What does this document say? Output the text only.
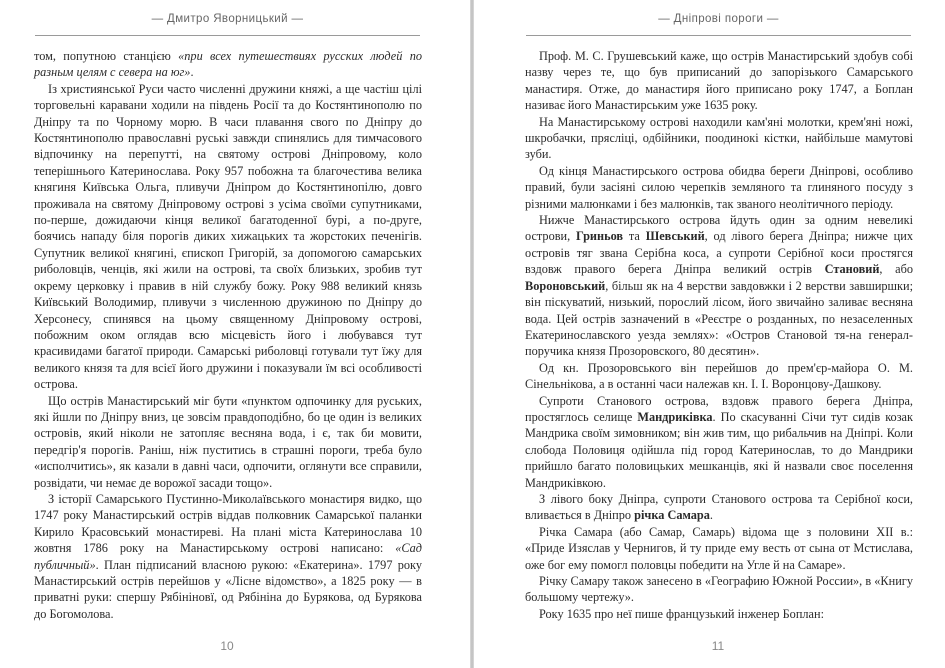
— Дмитро Яворницький —

том, попутною станцією «при всех путешествиях русских людей по разным целям с севера на юг».

Із християнської Руси часто численні дружини княжі, а ще частіш цілі торговельні каравани ходили на південь Росії та до Костянтинополю по Дніпру та по Чорному морю. В часи плавання свого по Дніпру до Костянтинополю православні руські завжди спинялись для тимчасового відпочинку на перепутті, на святому острові Дніпровому, коло теперішнього Катеринослава. Року 957 побожна та благочестива велика княгиня Київська Ольга, пливучи Дніпром до Костянтинопілю, довго проживала на святому Дніпровому острові з усіма своїми супутниками, по-перше, дожидаючи кінця великої багатоденної бурі, а по-друге, боячись нападу біля порогів диких хижацьких та жорстоких печенігів. Супутник великої княгині, єпископ Григорій, за допомогою самарських риболовців, ченців, які жили на острові, та своїх близьких, зробив тут окрему церковку і правив в ній службу божу. Року 988 великий князь Київський Володимир, пливучи з численною дружиною по Дніпру до Херсонесу, спинявся на цьому священному Дніпровому острові, побожним оком оглядав всю місцевість його і любувався тут красивидами багатої природи. Самарські риболовці готували тут їжу для великого князя та для всієї його дружини і показували їм всі особливості острова.

Що острів Манастирський міг бути «пунктом одпочинку для руських, які йшли по Дніпру вниз, це зовсім правдоподібно, бо це один із великих островів, який ніколи не затопляє весняна вода, і є, так би мовити, передгір'я порогів. Раніш, ніж пуститись в страшні пороги, треба було «исполчитись», як казали в давні часи, одпочити, оглянути все справили, розвідати, чи немає де ворожої засади тощо».

З історії Самарського Пустинно-Миколаївського монастиря видко, що 1747 року Манастирський острів віддав полковник Самарської паланки Кирило Красовський монастиреві. На плані міста Катеринослава 10 жовтня 1786 року на Манастирському острові написано: «Сад публичный». План підписаний власною рукою: «Екатерина». 1797 року Манастирський острів перейшов у «Лісне відомство», а 1825 року — в приватні руки: спершу Рябініновї, од Рябініна до Бурякова, од Бурякова до Богомолова.

10
— Дніпрові пороги —

Проф. М. С. Грушевський каже, що острів Манастирський здобув собі назву через те, що був приписаний до запорізького Самарського манастиря. Отже, до манастиря його приписано року 1747, а Боплан називає його Манастирським уже 1635 року.

На Манастирському острові находили кам'яні молотки, крем'яні ножі, шкробачки, прясліці, одбійники, поодинокі кістки, найбільше мамутові зуби.

Од кінця Манастирського острова обидва береги Дніпрові, особливо правий, були засіяні силою черепків земляного та глиняного посуду з різними малюнками і без малюнків, так званого неолітичного періоду.

Нижче Манастирського острова йдуть один за одним невеликі острови, Гриньов та Шевський, од лівого берега Дніпра; нижче цих островів тяг звана Серібна коса, а супроти Серібної коси простягся вздовж правого берега Дніпра великий острів Становий, або Вороновський, більш як на 4 верстви завдовжки і 2 верстви завширшки; він піскуватий, низький, порослий лісом, його звичайно заливає весняна вода. Цей острів зазначений в «Реєстре о розданных, по незаселенных Екатеринославского уезда землях»: «Остров Становой тя-на генерал-поручика князя Прозоровского, 80 десятин».

Од кн. Прозоровського він перейшов до прем'єр-майора О. М. Сінельнікова, а в останні часи належав кн. І. І. Воронцову-Дашкову.

Супроти Станового острова, вздовж правого берега Дніпра, простяглось селище Мандриківка. По скасуванні Січи тут сидів козак Мандрика своїм зимовником; він жив тим, що рибальчив на Дніпрі. Коли слобода Половиця одійшла під город Катеринослав, то до Мандрики прийшло багато половицьких мешканців, які й назвали своє поселення Мандриківкою.

З лівого боку Дніпра, супроти Станового острова та Серібної коси, вливається в Дніпро річка Самара.

Річка Самара (або Самар, Самарь) відома ще з половини XII в.: «Приде Изяслав у Чернигов, й ту приде ему весть от сына от Мстислава, оже бог ему помогл половцы победити на Угле й на Самаре».

Річку Самару також занесено в «Географию Южной России», в «Книгу большому чертежу».

Року 1635 про неї пише французький інженер Боплан:

11
